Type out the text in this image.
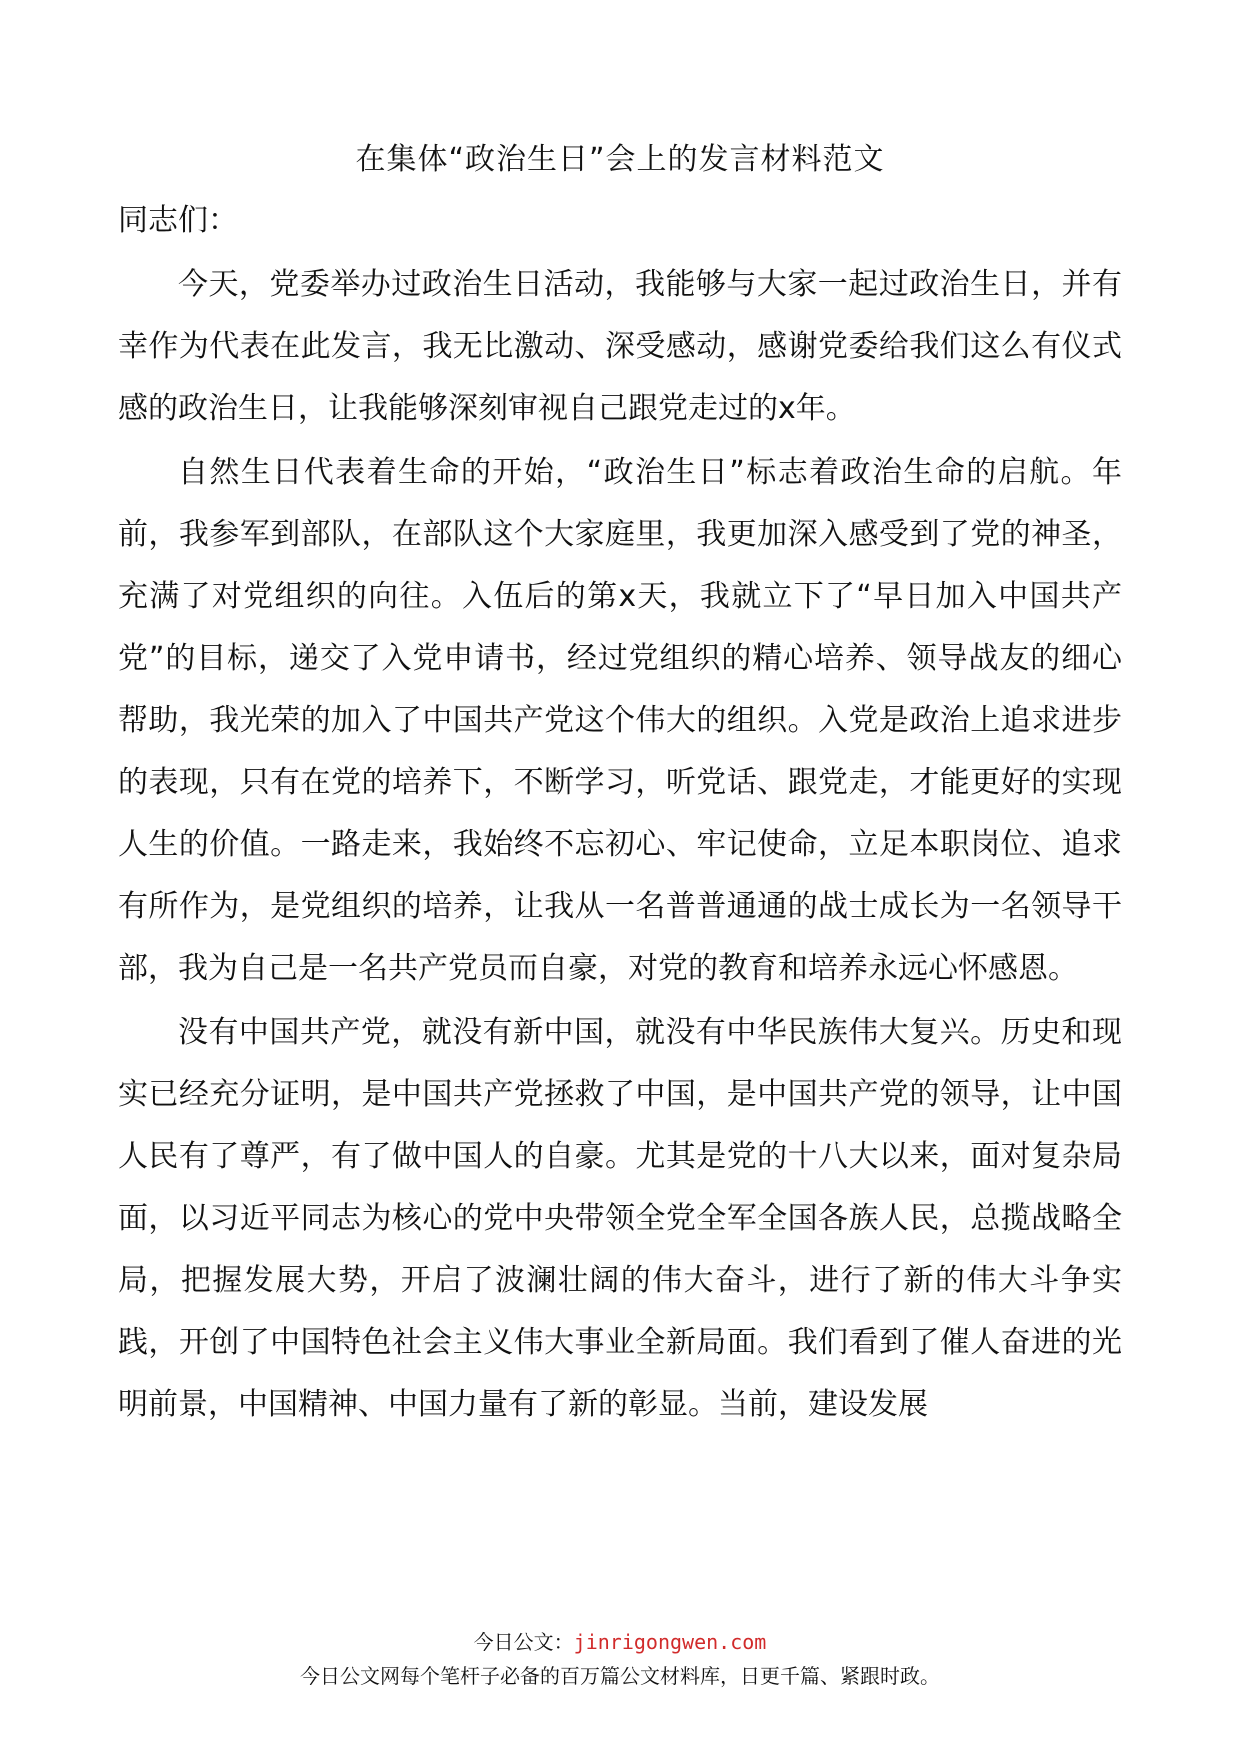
在集体“政治生日”会上的发言材料范文

同志们：

今天，党委举办过政治生日活动，我能够与大家一起过政治生日，并有幸作为代表在此发言，我无比激动、深受感动，感谢党委给我们这么有仪式感的政治生日，让我能够深刻审视自己跟党走过的x年。

自然生日代表着生命的开始，“政治生日”标志着政治生命的启航。年前，我参军到部队，在部队这个大家庭里，我更加深入感受到了党的神圣，充满了对党组织的向往。入伍后的第x天，我就立下了“早日加入中国共产党”的目标，递交了入党申请书，经过党组织的精心培养、领导战友的细心帮助，我光荣的加入了中国共产党这个伟大的组织。入党是政治上追求进步的表现，只有在党的培养下，不断学习，听党话、跟党走，才能更好的实现人生的价值。一路走来，我始终不忘初心、牢记使命，立足本职岗位、追求有所作为，是党组织的培养，让我从一名普普通通的战士成长为一名领导干部，我为自己是一名共产党员而自豪，对党的教育和培养永远心怀感恩。

没有中国共产党，就没有新中国，就没有中华民族伟大复兴。历史和现实已经充分证明，是中国共产党拯救了中国，是中国共产党的领导，让中国人民有了尊严，有了做中国人的自豪。尤其是党的十八大以来，面对复杂局面，以习近平同志为核心的党中央带领全党全军全国各族人民，总揽战略全局，把握发展大势，开启了波澜壮阔的伟大奋斗，进行了新的伟大斗争实践，开创了中国特色社会主义伟大事业全新局面。我们看到了催人奋进的光明前景，中国精神、中国力量有了新的彰显。当前，建设发展

今日公文：jinrigongwen.com
今日公文网每个笔杆子必备的百万篇公文材料库，日更千篇、紧跟时政。
